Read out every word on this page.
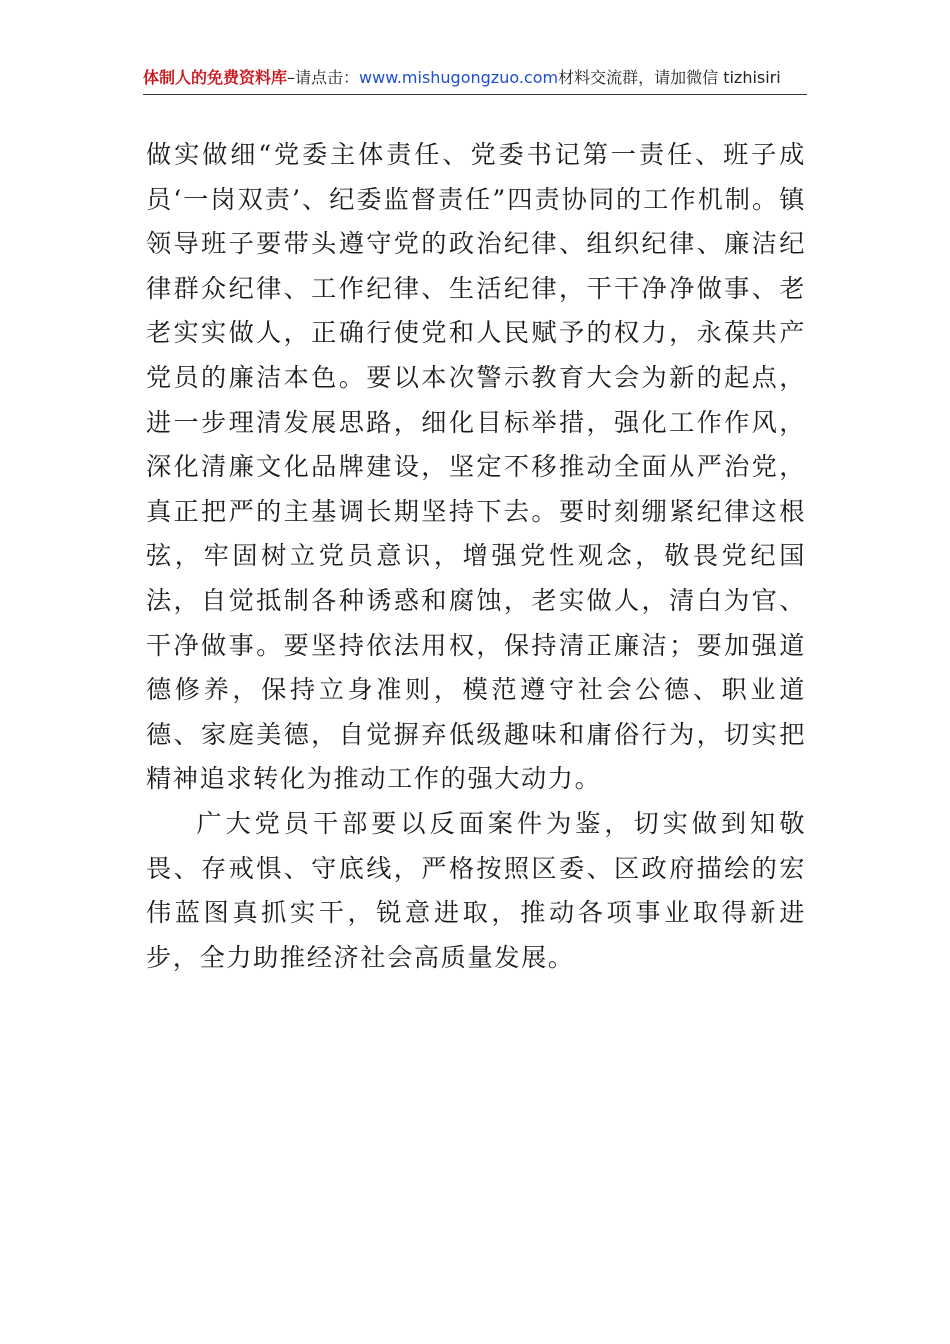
体制人的免费资料库–请点击：www.mishugongzuo.com材料交流群，请加微信 tizhisiri

做实做细“党委主体责任、党委书记第一责任、班子成员‘一岗双责’、纪委监督责任”四责协同的工作机制。镇领导班子要带头遵守党的政治纪律、组织纪律、廉洁纪律群众纪律、工作纪律、生活纪律，干干净净做事、老老实实做人，正确行使党和人民赋予的权力，永葆共产党员的廉洁本色。要以本次警示教育大会为新的起点，进一步理清发展思路，细化目标举措，强化工作作风，深化清廉文化品牌建设，坚定不移推动全面从严治党，真正把严的主基调长期坚持下去。要时刻绷紧纪律这根弦，牢固树立党员意识，增强党性观念，敬畏党纪国法，自觉抵制各种诱惑和腐蚀，老实做人，清白为官、干净做事。要坚持依法用权，保持清正廉洁；要加强道德修养，保持立身准则，模范遵守社会公德、职业道德、家庭美德，自觉摒弃低级趣味和庸俗行为，切实把精神追求转化为推动工作的强大动力。

广大党员干部要以反面案件为鉴，切实做到知敬畏、存戒惧、守底线，严格按照区委、区政府描绘的宏伟蓝图真抓实干，锐意进取，推动各项事业取得新进步，全力助推经济社会高质量发展。
